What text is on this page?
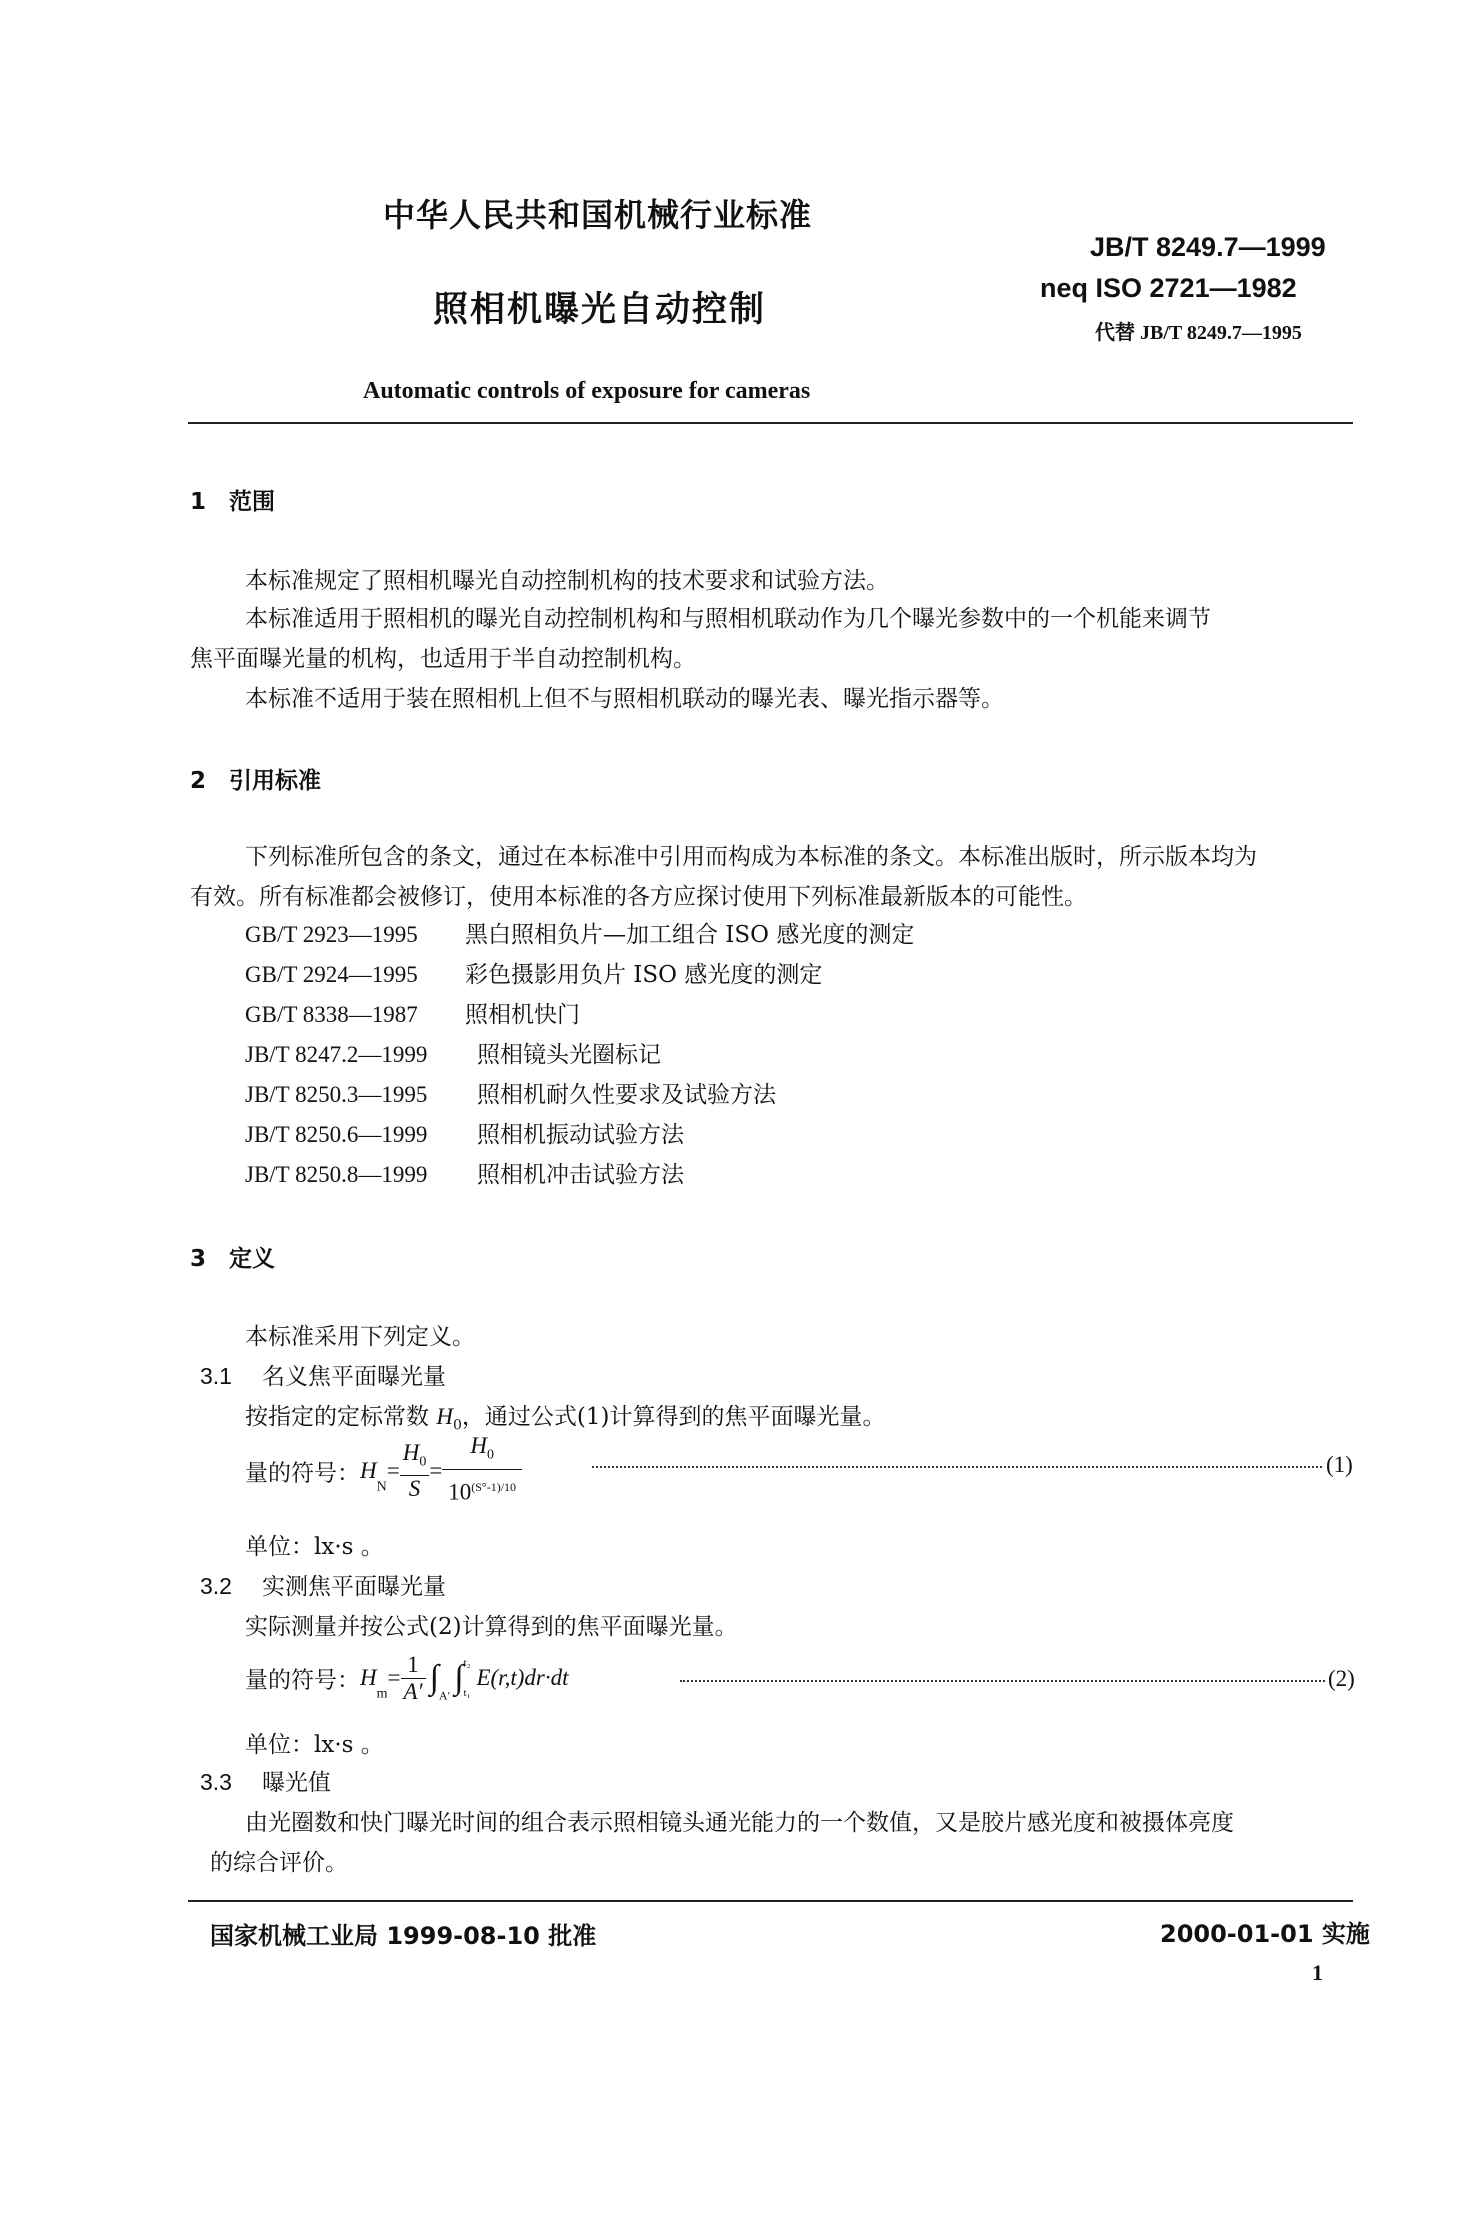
中华人民共和国机械行业标准
JB/T 8249.7—1999
照相机曝光自动控制
neq ISO 2721—1982
代替 JB/T 8249.7—1995
Automatic controls of exposure for cameras
1　范围
本标准规定了照相机曝光自动控制机构的技术要求和试验方法。
本标准适用于照相机的曝光自动控制机构和与照相机联动作为几个曝光参数中的一个机能来调节
焦平面曝光量的机构，也适用于半自动控制机构。
本标准不适用于装在照相机上但不与照相机联动的曝光表、曝光指示器等。
2　引用标准
下列标准所包含的条文，通过在本标准中引用而构成为本标准的条文。本标准出版时，所示版本均为
有效。所有标准都会被修订，使用本标准的各方应探讨使用下列标准最新版本的可能性。
GB/T 2923—1995 黑白照相负片—加工组合 ISO 感光度的测定
GB/T 2924—1995 彩色摄影用负片 ISO 感光度的测定
GB/T 8338—1987 照相机快门
JB/T 8247.2—1999 照相镜头光圈标记
JB/T 8250.3—1995 照相机耐久性要求及试验方法
JB/T 8250.6—1999 照相机振动试验方法
JB/T 8250.8—1999 照相机冲击试验方法
3　定义
本标准采用下列定义。
3.1 名义焦平面曝光量
按指定的定标常数 $H_0$，通过公式(1)计算得到的焦平面曝光量。
量的符号：$H_N= \frac{H_0}{S} = \frac{H_0}{10^{(S^\circ-1)/10}}$	(1)
单位：lx·s 。
3.2 实测焦平面曝光量
实际测量并按公式(2)计算得到的焦平面曝光量。
量的符号：$H_m= \frac{1}{A'} \int_{A'}$ ∫ t₂
t₁
E(r,t)dr·dt	(2)
单位：lx·s 。
3.3 曝光值
由光圈数和快门曝光时间的组合表示照相镜头通光能力的一个数值，又是胶片感光度和被摄体亮度
的综合评价。
国家机械工业局 1999-08-10 批准	2000-01-01 实施
1
